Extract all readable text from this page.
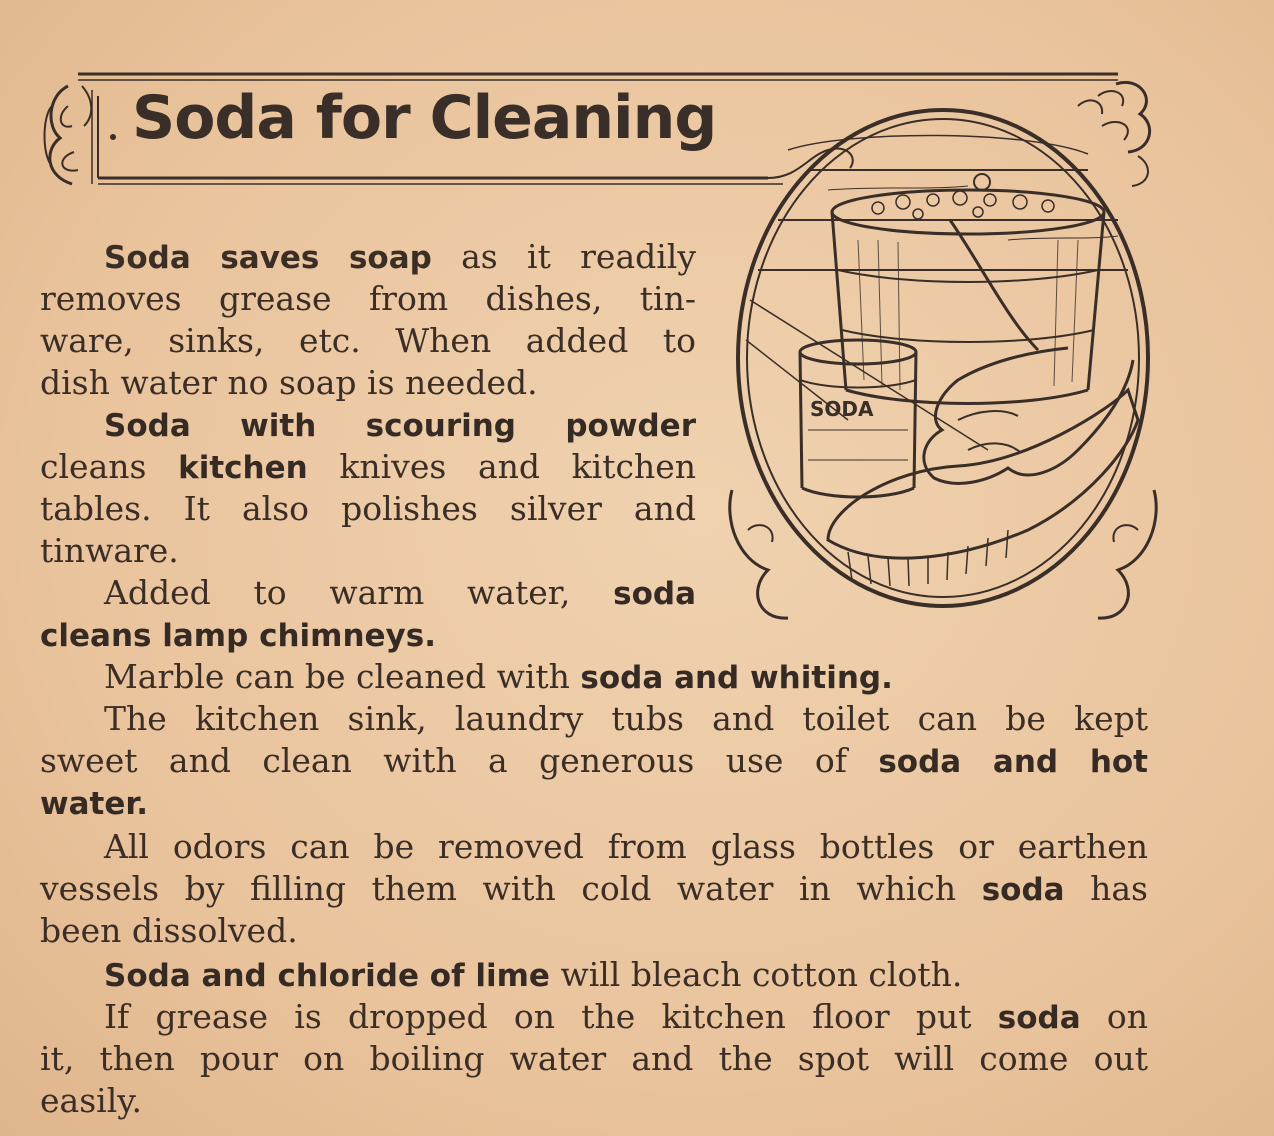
Soda for Cleaning
SODA
Soda saves soap as it readily
removes grease from dishes, tin-
ware, sinks, etc. When added to
dish water no soap is needed.
Soda with scouring powder
cleans kitchen knives and kitchen
tables. It also polishes silver and
tinware.
Added to warm water, soda
cleans lamp chimneys.
Marble can be cleaned with soda and whiting.
The kitchen sink, laundry tubs and toilet can be kept
sweet and clean with a generous use of soda and hot
water.
All odors can be removed from glass bottles or earthen
vessels by filling them with cold water in which soda has
been dissolved.
Soda and chloride of lime will bleach cotton cloth.
If grease is dropped on the kitchen floor put soda on
it, then pour on boiling water and the spot will come out
easily.
